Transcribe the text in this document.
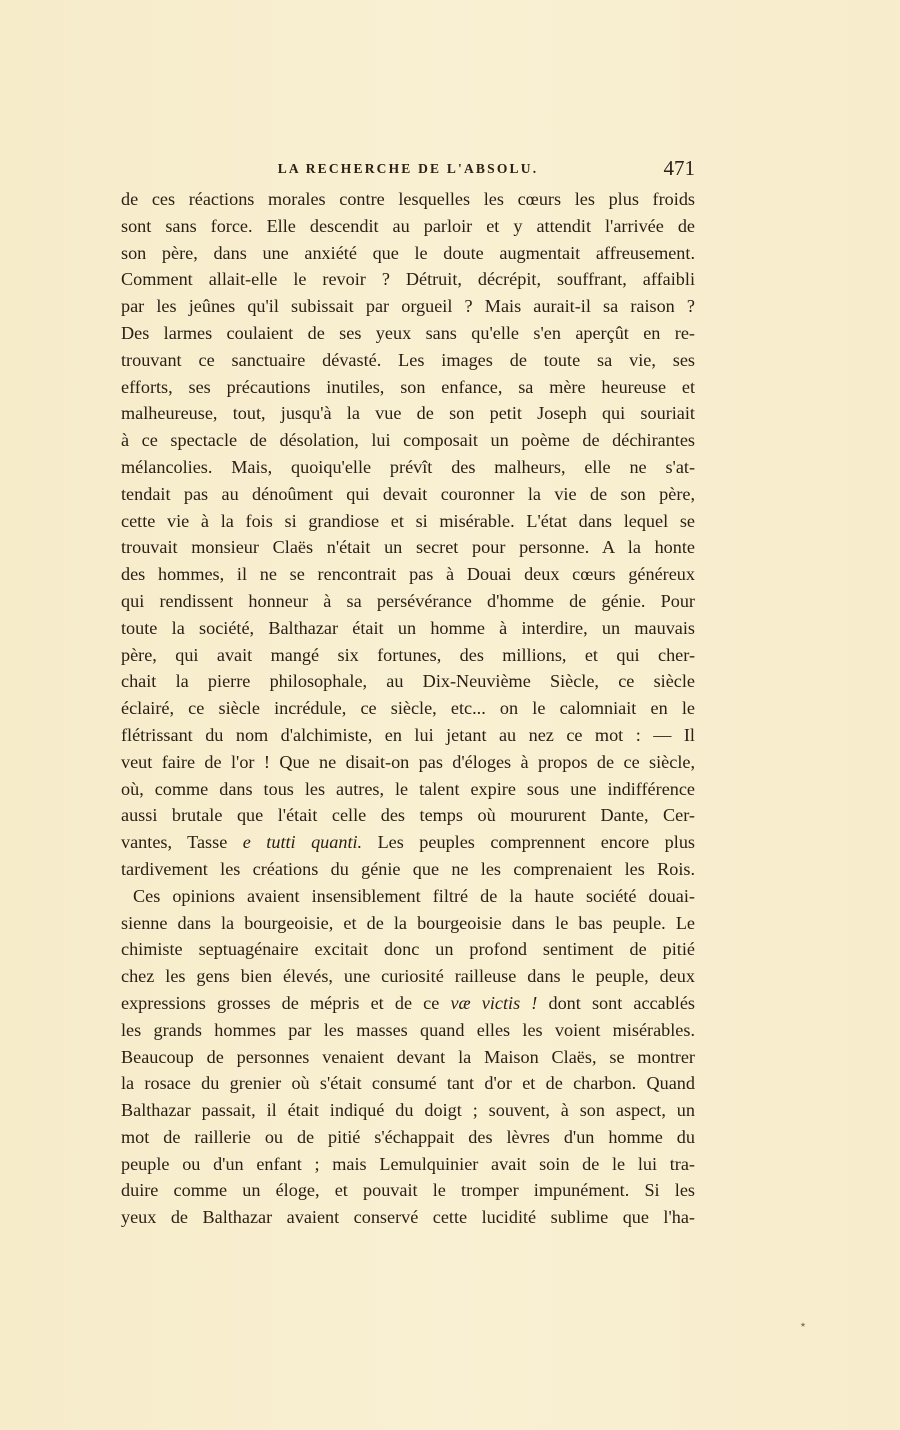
LA RECHERCHE DE L'ABSOLU.	471
de ces réactions morales contre lesquelles les cœurs les plus froids
sont sans force. Elle descendit au parloir et y attendit l'arrivée de
son père, dans une anxiété que le doute augmentait affreusement.
Comment allait-elle le revoir ? Détruit, décrépit, souffrant, affaibli
par les jeûnes qu'il subissait par orgueil ? Mais aurait-il sa raison ?
Des larmes coulaient de ses yeux sans qu'elle s'en aperçût en re-
trouvant ce sanctuaire dévasté. Les images de toute sa vie, ses
efforts, ses précautions inutiles, son enfance, sa mère heureuse et
malheureuse, tout, jusqu'à la vue de son petit Joseph qui souriait
à ce spectacle de désolation, lui composait un poème de déchirantes
mélancolies. Mais, quoiqu'elle prévît des malheurs, elle ne s'at-
tendait pas au dénoûment qui devait couronner la vie de son père,
cette vie à la fois si grandiose et si misérable. L'état dans lequel se
trouvait monsieur Claës n'était un secret pour personne. A la honte
des hommes, il ne se rencontrait pas à Douai deux cœurs généreux
qui rendissent honneur à sa persévérance d'homme de génie. Pour
toute la société, Balthazar était un homme à interdire, un mauvais
père, qui avait mangé six fortunes, des millions, et qui cher-
chait la pierre philosophale, au Dix-Neuvième Siècle, ce siècle
éclairé, ce siècle incrédule, ce siècle, etc... on le calomniait en le
flétrissant du nom d'alchimiste, en lui jetant au nez ce mot : — Il
veut faire de l'or ! Que ne disait-on pas d'éloges à propos de ce siècle,
où, comme dans tous les autres, le talent expire sous une indifférence
aussi brutale que l'était celle des temps où moururent Dante, Cer-
vantes, Tasse e tutti quanti. Les peuples comprennent encore plus
tardivement les créations du génie que ne les comprenaient les Rois.
Ces opinions avaient insensiblement filtré de la haute société douai-
sienne dans la bourgeoisie, et de la bourgeoisie dans le bas peuple. Le
chimiste septuagénaire excitait donc un profond sentiment de pitié
chez les gens bien élevés, une curiosité railleuse dans le peuple, deux
expressions grosses de mépris et de ce væ victis ! dont sont accablés
les grands hommes par les masses quand elles les voient misérables.
Beaucoup de personnes venaient devant la Maison Claës, se montrer
la rosace du grenier où s'était consumé tant d'or et de charbon. Quand
Balthazar passait, il était indiqué du doigt ; souvent, à son aspect, un
mot de raillerie ou de pitié s'échappait des lèvres d'un homme du
peuple ou d'un enfant ; mais Lemulquinier avait soin de le lui tra-
duire comme un éloge, et pouvait le tromper impunément. Si les
yeux de Balthazar avaient conservé cette lucidité sublime que l'ha-
٭
